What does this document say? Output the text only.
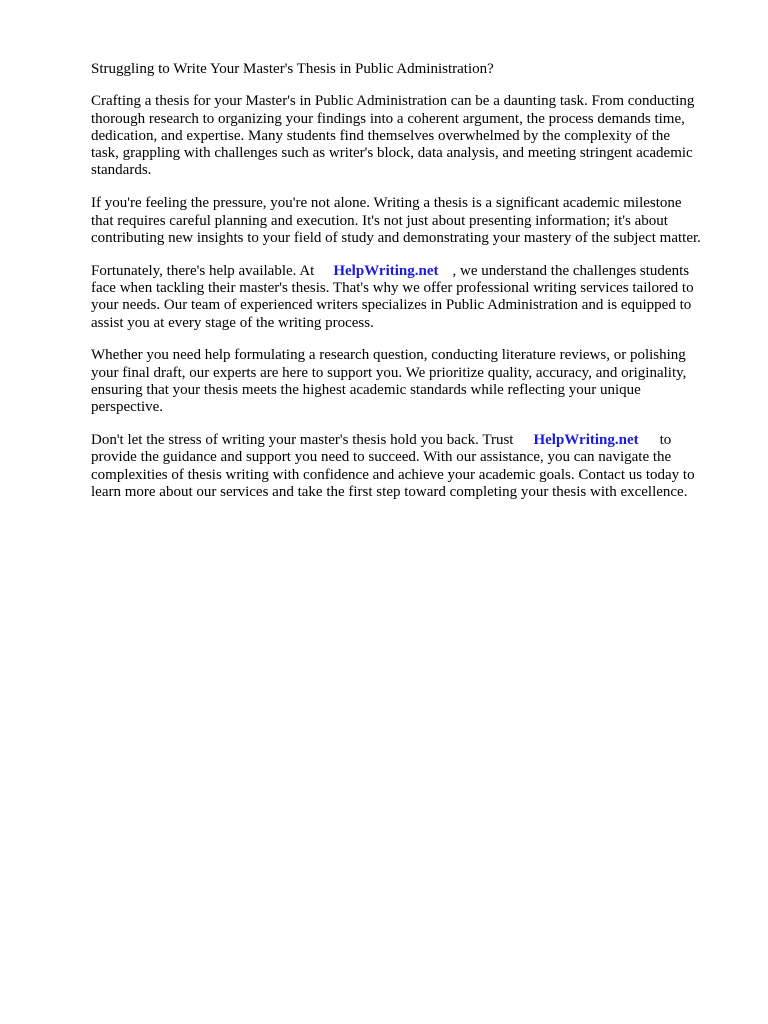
Struggling to Write Your Master's Thesis in Public Administration?
Crafting a thesis for your Master's in Public Administration can be a daunting task. From conducting
thorough research to organizing your findings into a coherent argument, the process demands time,
dedication, and expertise. Many students find themselves overwhelmed by the complexity of the
task, grappling with challenges such as writer's block, data analysis, and meeting stringent academic
standards.
If you're feeling the pressure, you're not alone. Writing a thesis is a significant academic milestone
that requires careful planning and execution. It's not just about presenting information; it's about
contributing new insights to your field of study and demonstrating your mastery of the subject matter.
Fortunately, there's help available. At HelpWriting.net , we understand the challenges students
face when tackling their master's thesis. That's why we offer professional writing services tailored to
your needs. Our team of experienced writers specializes in Public Administration and is equipped to
assist you at every stage of the writing process.
Whether you need help formulating a research question, conducting literature reviews, or polishing
your final draft, our experts are here to support you. We prioritize quality, accuracy, and originality,
ensuring that your thesis meets the highest academic standards while reflecting your unique
perspective.
Don't let the stress of writing your master's thesis hold you back. Trust HelpWriting.net to
provide the guidance and support you need to succeed. With our assistance, you can navigate the
complexities of thesis writing with confidence and achieve your academic goals. Contact us today to
learn more about our services and take the first step toward completing your thesis with excellence.
